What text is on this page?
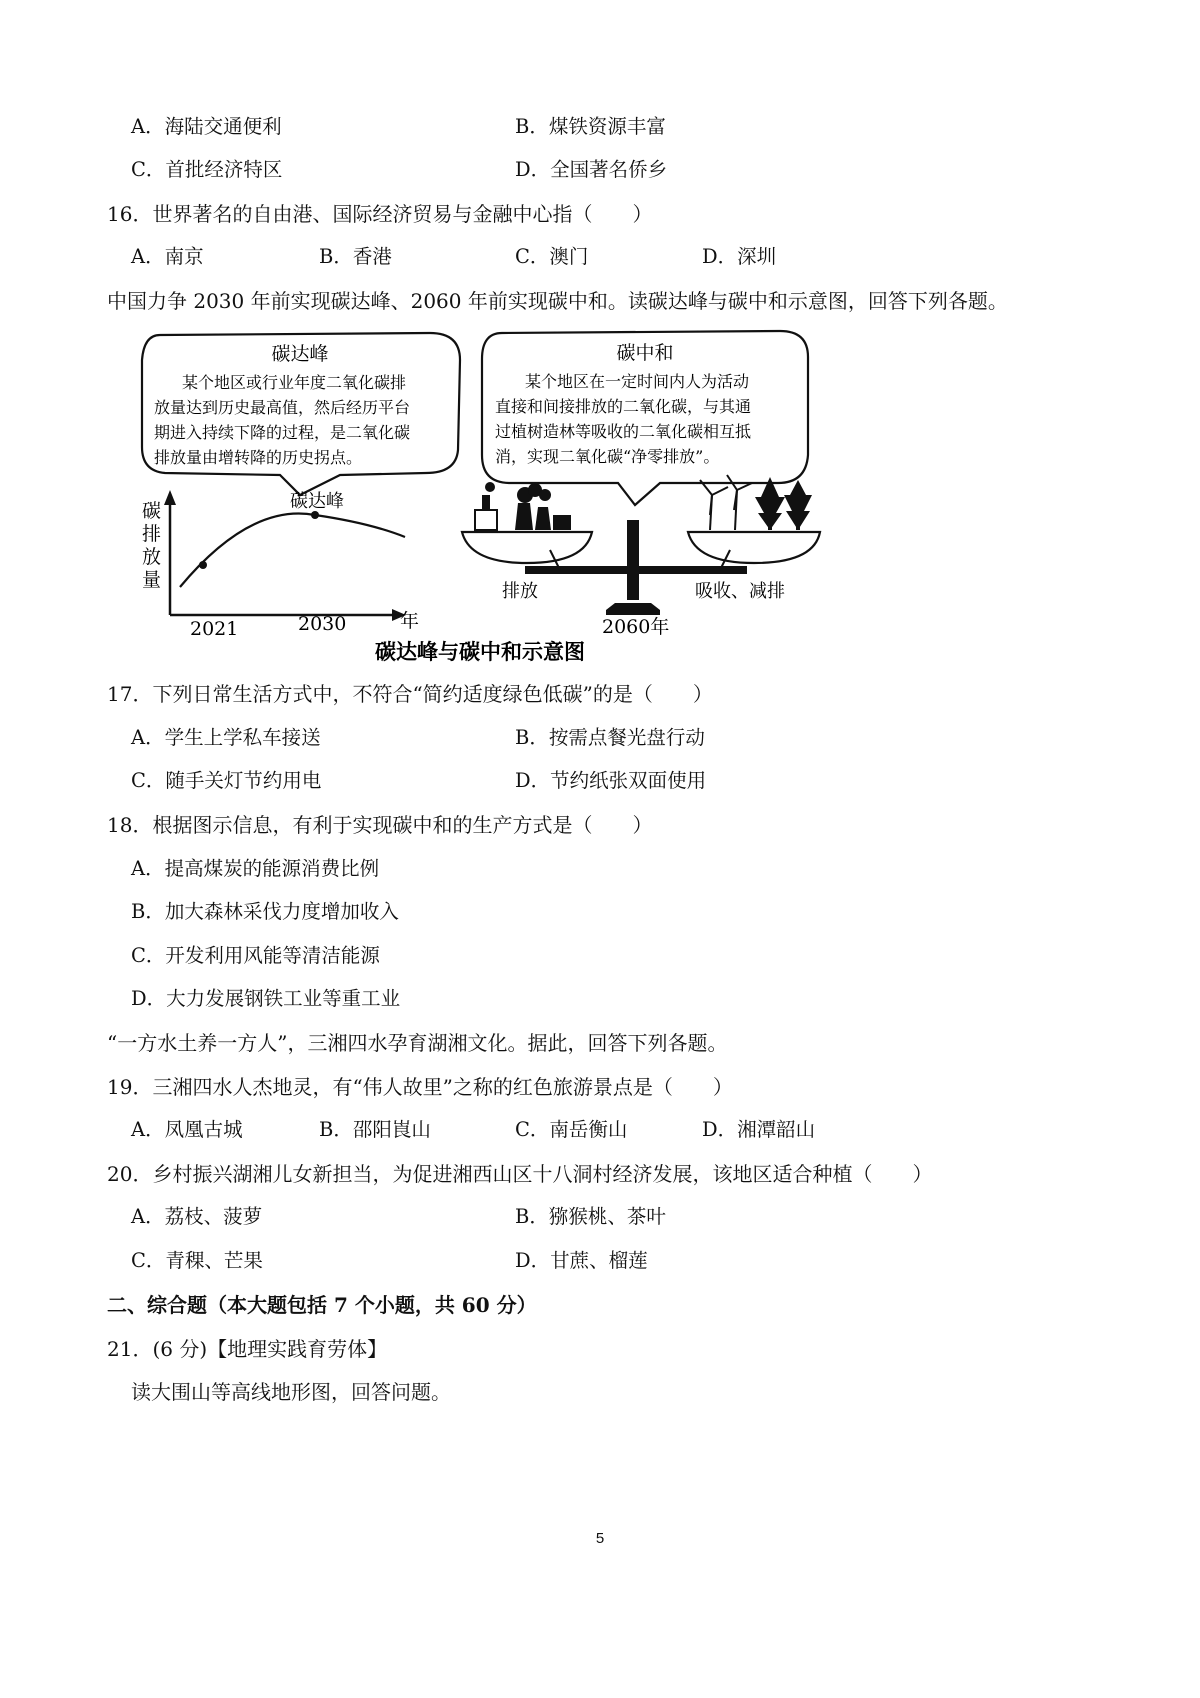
A．海陆交通便利	B．煤铁资源丰富
C．首批经济特区	D．全国著名侨乡
16．世界著名的自由港、国际经济贸易与金融中心指（　　）
A．南京	B．香港	C．澳门	D．深圳
中国力争 2030 年前实现碳达峰、2060 年前实现碳中和。读碳达峰与碳中和示意图，回答下列各题。
碳达峰
某个地区或行业年度二氧化碳排
放量达到历史最高值，然后经历平台
期进入持续下降的过程，是二氧化碳
排放量由增转降的历史拐点。
碳中和
某个地区在一定时间内人为活动
直接和间接排放的二氧化碳，与其通
过植树造林等吸收的二氧化碳相互抵
消，实现二氧化碳“净零排放”。
碳
排
放
量
碳达峰
2021	2030	年
排放	吸收、减排
2060年
碳达峰与碳中和示意图
17．下列日常生活方式中，不符合“简约适度绿色低碳”的是（　　）
A．学生上学私车接送	B．按需点餐光盘行动
C．随手关灯节约用电	D．节约纸张双面使用
18．根据图示信息，有利于实现碳中和的生产方式是（　　）
A．提高煤炭的能源消费比例
B．加大森林采伐力度增加收入
C．开发利用风能等清洁能源
D．大力发展钢铁工业等重工业
“一方水土养一方人”，三湘四水孕育湖湘文化。据此，回答下列各题。
19．三湘四水人杰地灵，有“伟人故里”之称的红色旅游景点是（　　）
A．凤凰古城	B．邵阳崀山	C．南岳衡山	D．湘潭韶山
20．乡村振兴湖湘儿女新担当，为促进湘西山区十八洞村经济发展，该地区适合种植（　　）
A．荔枝、菠萝	B．猕猴桃、茶叶
C．青稞、芒果	D．甘蔗、榴莲
二、综合题（本大题包括 7 个小题，共 60 分）
21．(6 分)【地理实践育劳体】
读大围山等高线地形图，回答问题。
5
